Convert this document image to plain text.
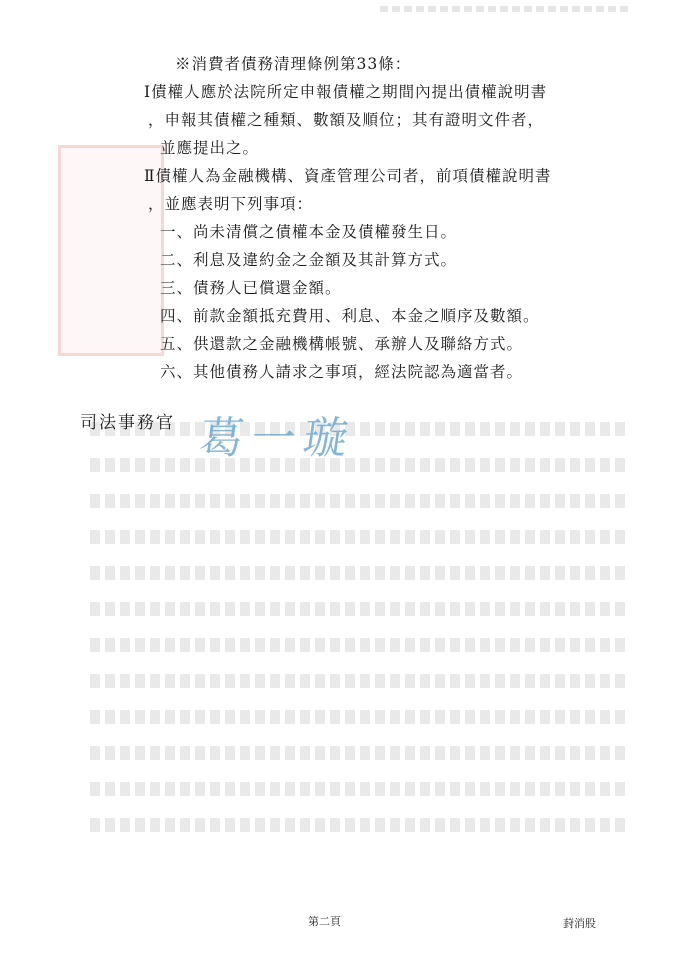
※消費者債務清理條例第33條：
Ⅰ債權人應於法院所定申報債權之期間內提出債權說明書
，申報其債權之種類、數額及順位；其有證明文件者，
並應提出之。
Ⅱ債權人為金融機構、資產管理公司者，前項債權說明書
，並應表明下列事項：
一、尚未清償之債權本金及債權發生日。
二、利息及違約金之金額及其計算方式。
三、債務人已償還金額。
四、前款金額抵充費用、利息、本金之順序及數額。
五、供還款之金融機構帳號、承辦人及聯絡方式。
六、其他債務人請求之事項，經法院認為適當者。
司法事務官 葛一璇
第二頁	葑消股
